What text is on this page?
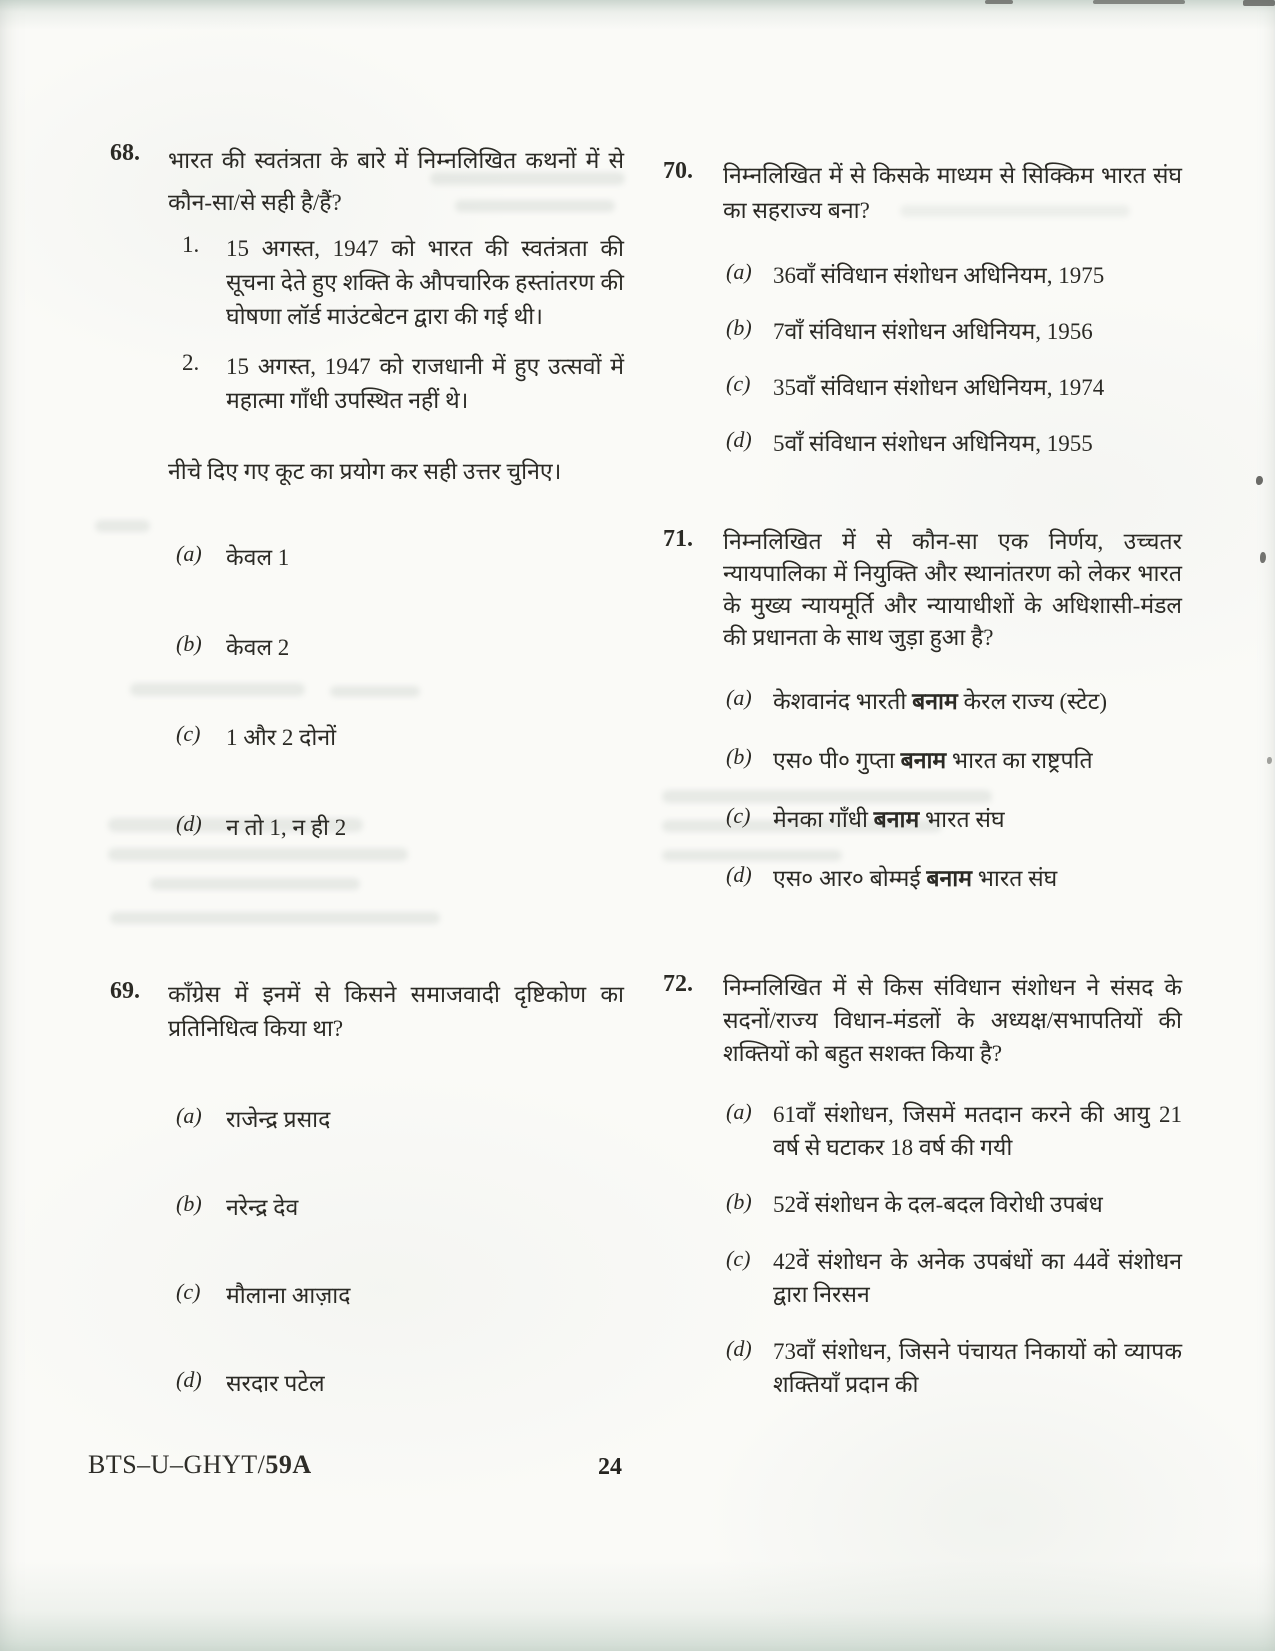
68.	भारत की स्वतंत्रता के बारे में निम्नलिखित कथनों में से कौन-सा/से सही है/हैं?
1.	15 अगस्त, 1947 को भारत की स्वतंत्रता की सूचना देते हुए शक्ति के औपचारिक हस्तांतरण की घोषणा लॉर्ड माउंटबेटन द्वारा की गई थी।
2.	15 अगस्त, 1947 को राजधानी में हुए उत्सवों में महात्मा गाँधी उपस्थित नहीं थे।
नीचे दिए गए कूट का प्रयोग कर सही उत्तर चुनिए।
(a)	केवल 1
(b)	केवल 2
(c)	1 और 2 दोनों
(d)	न तो 1, न ही 2
69.	काँग्रेस में इनमें से किसने समाजवादी दृष्टिकोण का प्रतिनिधित्व किया था?
(a)	राजेन्द्र प्रसाद
(b)	नरेन्द्र देव
(c)	मौलाना आज़ाद
(d)	सरदार पटेल
70.	निम्नलिखित में से किसके माध्यम से सिक्किम भारत संघ का सहराज्य बना?
(a) 36वाँ संविधान संशोधन अधिनियम, 1975
(b) 7वाँ संविधान संशोधन अधिनियम, 1956
(c) 35वाँ संविधान संशोधन अधिनियम, 1974
(d) 5वाँ संविधान संशोधन अधिनियम, 1955
71.	निम्नलिखित में से कौन-सा एक निर्णय, उच्चतर न्यायपालिका में नियुक्ति और स्थानांतरण को लेकर भारत के मुख्य न्यायमूर्ति और न्यायाधीशों के अधिशासी-मंडल की प्रधानता के साथ जुड़ा हुआ है?
(a) केशवानंद भारती बनाम केरल राज्य (स्टेट)
(b) एस० पी० गुप्ता बनाम भारत का राष्ट्रपति
(c) मेनका गाँधी बनाम भारत संघ
(d) एस० आर० बोम्मई बनाम भारत संघ
72.	निम्नलिखित में से किस संविधान संशोधन ने संसद के सदनों/राज्य विधान-मंडलों के अध्यक्ष/सभापतियों की शक्तियों को बहुत सशक्त किया है?
(a) 61वाँ संशोधन, जिसमें मतदान करने की आयु 21 वर्ष से घटाकर 18 वर्ष की गयी
(b) 52वें संशोधन के दल-बदल विरोधी उपबंध
(c) 42वें संशोधन के अनेक उपबंधों का 44वें संशोधन द्वारा निरसन
(d) 73वाँ संशोधन, जिसने पंचायत निकायों को व्यापक शक्तियाँ प्रदान की
BTS–U–GHYT/59A	24
